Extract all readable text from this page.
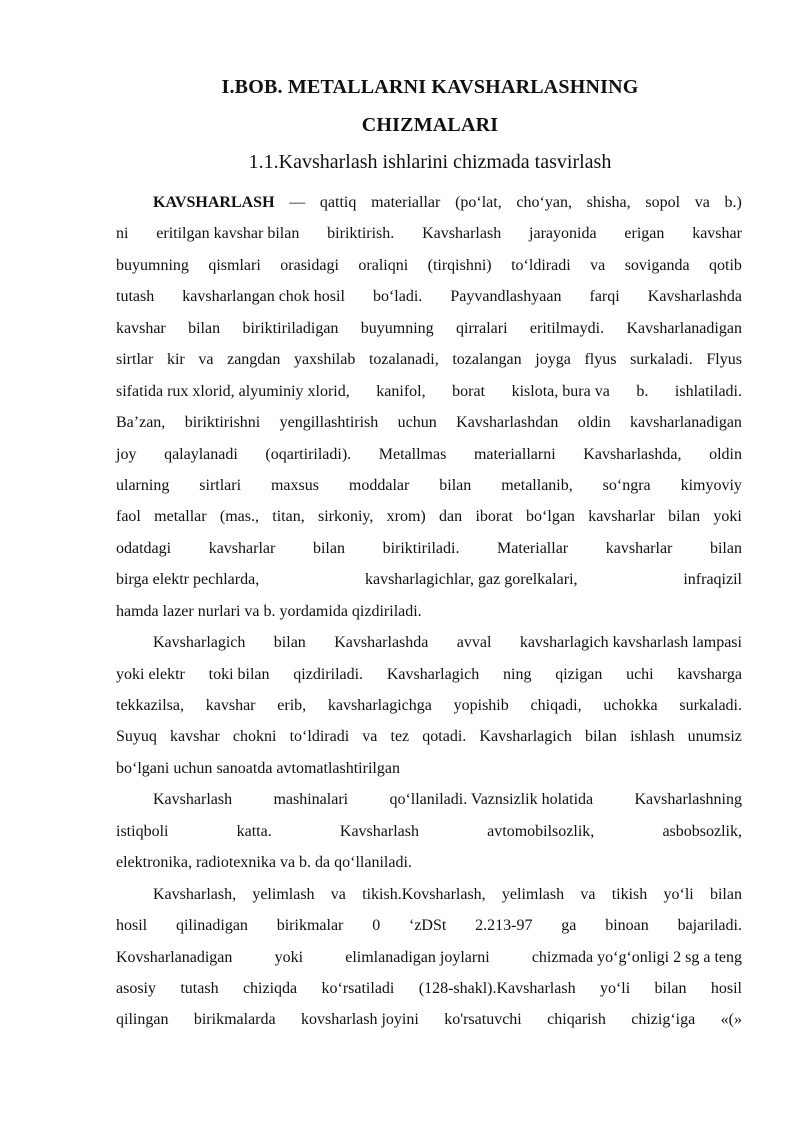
I.BOB. METALLARNI KAVSHARLASHNING
CHIZMALARI
1.1.Kavsharlash ishlarini chizmada tasvirlash
KAVSHARLASH — qattiq materiallar (po‘lat, cho‘yan, shisha, sopol va b.)
ni eritilgan kavshar bilan biriktirish. Kavsharlash jarayonida erigan kavshar
buyumning qismlari orasidagi oraliqni (tirqishni) to‘ldiradi va soviganda qotib
tutash kavsharlangan chok hosil bo‘ladi. Payvandlashyaan farqi Kavsharlashda
kavshar bilan biriktiriladigan buyumning qirralari eritilmaydi. Kavsharlanadigan
sirtlar kir va zangdan yaxshilab tozalanadi, tozalangan joyga flyus surkaladi. Flyus
sifatida rux xlorid, alyuminiy xlorid, kanifol, borat kislota, bura va b. ishlatiladi.
Ba’zan, biriktirishni yengillashtirish uchun Kavsharlashdan oldin kavsharlanadigan
joy qalaylanadi (oqartiriladi). Metallmas materiallarni Kavsharlashda, oldin
ularning sirtlari maxsus moddalar bilan metallanib, so‘ngra kimyoviy
faol metallar (mas., titan, sirkoniy, xrom) dan iborat bo‘lgan kavsharlar bilan yoki
odatdagi kavsharlar bilan biriktiriladi. Materiallar kavsharlar bilan
birga elektr pechlarda,	kavsharlagichlar, gaz gorelkalari,	infraqizil
hamda lazer nurlari va b. yordamida qizdiriladi.
Kavsharlagich bilan Kavsharlashda avval kavsharlagich kavsharlash lampasi
yoki elektr toki bilan qizdiriladi. Kavsharlagich ning qizigan uchi kavsharga
tekkazilsa, kavshar erib, kavsharlagichga yopishib chiqadi, uchokka surkaladi.
Suyuq kavshar chokni to‘ldiradi va tez qotadi. Kavsharlagich bilan ishlash unumsiz
bo‘lgani uchun sanoatda avtomatlashtirilgan
Kavsharlash	mashinalari	qo‘llaniladi. Vaznsizlik holatida	Kavsharlashning
istiqboli	katta.	Kavsharlash	avtomobilsozlik,	asbobsozlik,
elektronika, radiotexnika va b. da qo‘llaniladi.
Kavsharlash, yelimlash va tikish.Kovsharlash, yelimlash va tikish yo‘li bilan
hosil qilinadigan birikmalar 0 ‘zDSt 2.213-97 ga binoan bajariladi.
Kovsharlanadigan	yoki	elimlanadigan joylarni	chizmada yo‘g‘onligi 2 sg a teng
asosiy tutash chiziqda ko‘rsatiladi (128-shakl).Kavsharlash yo‘li bilan hosil
qilingan birikmalarda kovsharlash joyini ko'rsatuvchi chiqarish chizig‘iga «(»
